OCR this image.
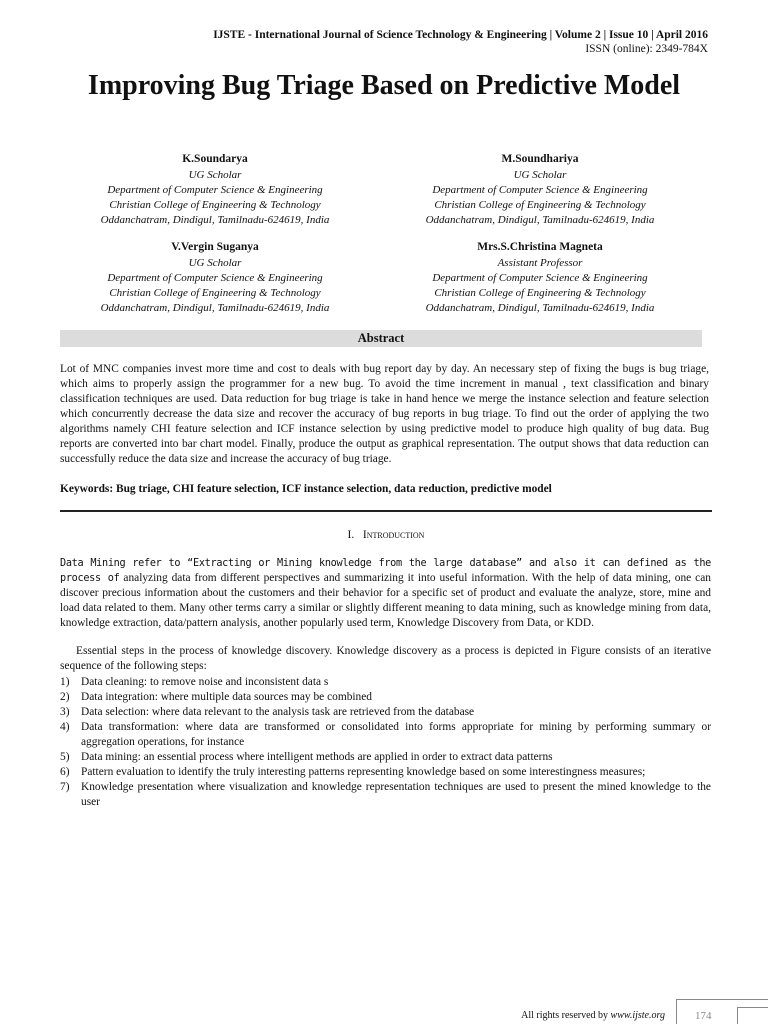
IJSTE - International Journal of Science Technology & Engineering | Volume 2 | Issue 10 | April 2016
ISSN (online): 2349-784X
Improving Bug Triage Based on Predictive Model
K.Soundarya
UG Scholar
Department of Computer Science & Engineering
Christian College of Engineering & Technology
Oddanchatram, Dindigul, Tamilnadu-624619, India
M.Soundhariya
UG Scholar
Department of Computer Science & Engineering
Christian College of Engineering & Technology
Oddanchatram, Dindigul, Tamilnadu-624619, India
V.Vergin Suganya
UG Scholar
Department of Computer Science & Engineering
Christian College of Engineering & Technology
Oddanchatram, Dindigul, Tamilnadu-624619, India
Mrs.S.Christina Magneta
Assistant Professor
Department of Computer Science & Engineering
Christian College of Engineering & Technology
Oddanchatram, Dindigul, Tamilnadu-624619, India
Abstract
Lot of MNC companies invest more time and cost to deals with bug report day by day. An necessary step of fixing the bugs is bug triage, which aims to properly assign the programmer for a new bug. To avoid the time increment in manual , text classification and binary classification techniques are used. Data reduction for bug triage is take in hand hence we merge the instance selection and feature selection which concurrently decrease the data size and recover the accuracy of bug reports in bug triage. To find out the order of applying the two algorithms namely CHI feature selection and ICF instance selection by using predictive model to produce high quality of bug data. Bug reports are converted into bar chart model. Finally, produce the output as graphical representation. The output shows that data reduction can successfully reduce the data size and increase the accuracy of bug triage.
Keywords: Bug triage, CHI feature selection, ICF instance selection, data reduction, predictive model
I. Introduction
Data Mining refer to “Extracting or Mining knowledge from the large database” and also it can defined as the process of analyzing data from different perspectives and summarizing it into useful information. With the help of data mining, one can discover precious information about the customers and their behavior for a specific set of product and evaluate the analyze, store, mine and load data related to them. Many other terms carry a similar or slightly different meaning to data mining, such as knowledge mining from data, knowledge extraction, data/pattern analysis, another popularly used term, Knowledge Discovery from Data, or KDD.
Essential steps in the process of knowledge discovery. Knowledge discovery as a process is depicted in Figure consists of an iterative sequence of the following steps:
1)	Data cleaning: to remove noise and inconsistent data s
2)	Data integration: where multiple data sources may be combined
3)	Data selection: where data relevant to the analysis task are retrieved from the database
4)	Data transformation: where data are transformed or consolidated into forms appropriate for mining by performing summary or aggregation operations, for instance
5)	Data mining: an essential process where intelligent methods are applied in order to extract data patterns
6)	Pattern evaluation to identify the truly interesting patterns representing knowledge based on some interestingness measures;
7)	Knowledge presentation where visualization and knowledge representation techniques are used to present the mined knowledge to the user
All rights reserved by www.ijste.org	174
